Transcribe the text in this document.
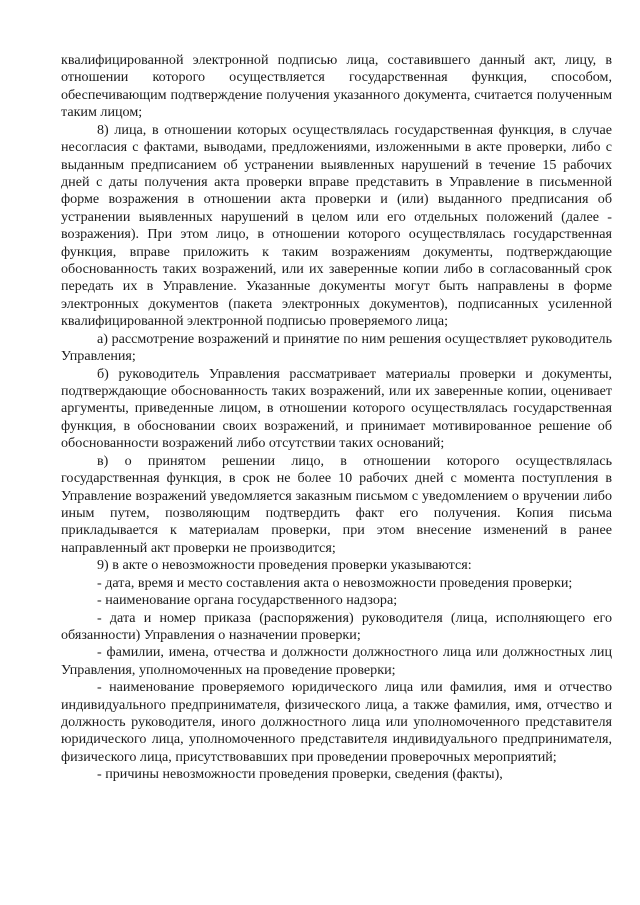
квалифицированной электронной подписью лица, составившего данный акт, лицу, в отношении которого осуществляется государственная функция, способом, обеспечивающим подтверждение получения указанного документа, считается полученным таким лицом;

8) лица, в отношении которых осуществлялась государственная функция, в случае несогласия с фактами, выводами, предложениями, изложенными в акте проверки, либо с выданным предписанием об устранении выявленных нарушений в течение 15 рабочих дней с даты получения акта проверки вправе представить в Управление в письменной форме возражения в отношении акта проверки и (или) выданного предписания об устранении выявленных нарушений в целом или его отдельных положений (далее - возражения). При этом лицо, в отношении которого осуществлялась государственная функция, вправе приложить к таким возражениям документы, подтверждающие обоснованность таких возражений, или их заверенные копии либо в согласованный срок передать их в Управление. Указанные документы могут быть направлены в форме электронных документов (пакета электронных документов), подписанных усиленной квалифицированной электронной подписью проверяемого лица;

а) рассмотрение возражений и принятие по ним решения осуществляет руководитель Управления;

б) руководитель Управления рассматривает материалы проверки и документы, подтверждающие обоснованность таких возражений, или их заверенные копии, оценивает аргументы, приведенные лицом, в отношении которого осуществлялась государственная функция, в обосновании своих возражений, и принимает мотивированное решение об обоснованности возражений либо отсутствии таких оснований;

в) о принятом решении лицо, в отношении которого осуществлялась государственная функция, в срок не более 10 рабочих дней с момента поступления в Управление возражений уведомляется заказным письмом с уведомлением о вручении либо иным путем, позволяющим подтвердить факт его получения. Копия письма прикладывается к материалам проверки, при этом внесение изменений в ранее направленный акт проверки не производится;

9) в акте о невозможности проведения проверки указываются:

- дата, время и место составления акта о невозможности проведения проверки;

- наименование органа государственного надзора;

- дата и номер приказа (распоряжения) руководителя (лица, исполняющего его обязанности) Управления о назначении проверки;

- фамилии, имена, отчества и должности должностного лица или должностных лиц Управления, уполномоченных на проведение проверки;

- наименование проверяемого юридического лица или фамилия, имя и отчество индивидуального предпринимателя, физического лица, а также фамилия, имя, отчество и должность руководителя, иного должностного лица или уполномоченного представителя юридического лица, уполномоченного представителя индивидуального предпринимателя, физического лица, присутствовавших при проведении проверочных мероприятий;

- причины невозможности проведения проверки, сведения (факты),
